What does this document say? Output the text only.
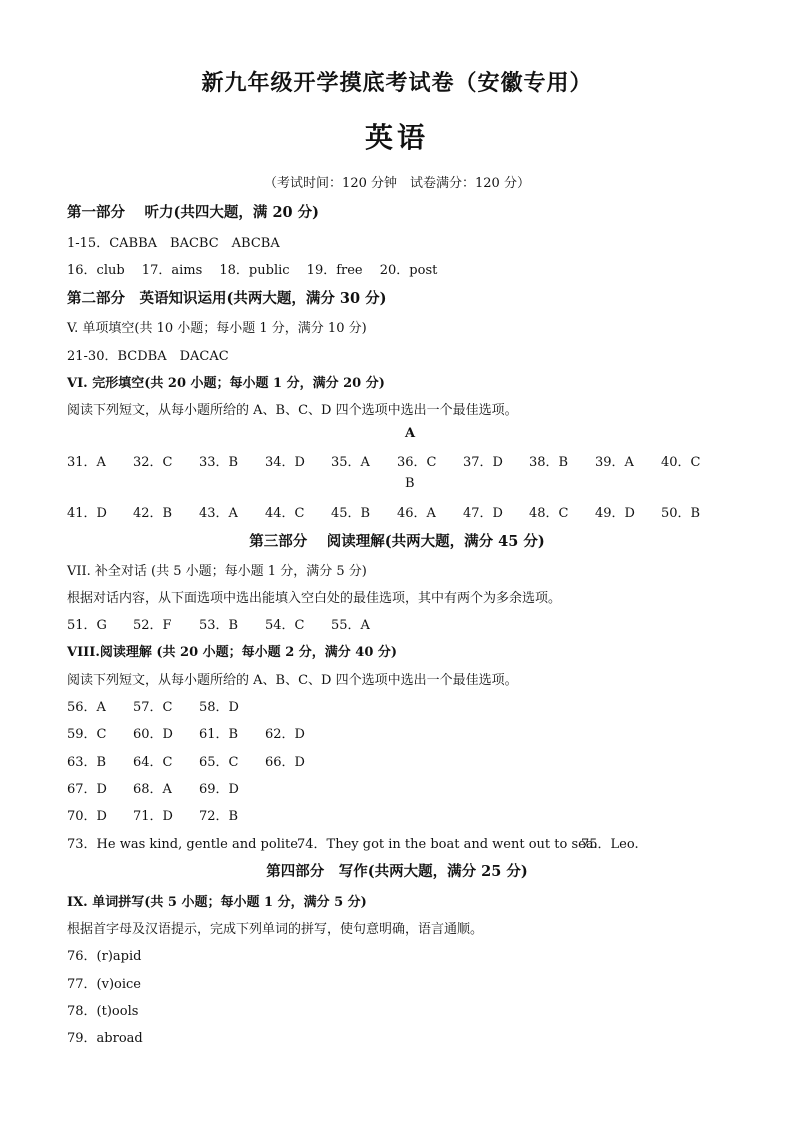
新九年级开学摸底考试卷（安徽专用）
英语
（考试时间：120 分钟　试卷满分：120 分）
第一部分　 听力(共四大题，满 20 分)
1-15．CABBA　BACBC　ABCBA
16．club　 17．aims　 18．public　 19．free　 20．post
第二部分　英语知识运用(共两大题，满分 30 分)
V. 单项填空(共 10 小题；每小题 1 分，满分 10 分)
21-30．BCDBA　DACAC
VI. 完形填空(共 20 小题；每小题 1 分，满分 20 分)
阅读下列短文，从每小题所给的 A、B、C、D 四个选项中选出一个最佳选项。
A
31．A 32．C 33．B 34．D 35．A 36．C 37．D 38．B 39．A 40．C
B
41．D 42．B 43．A 44．C 45．B 46．A 47．D 48．C 49．D 50．B
第三部分　 阅读理解(共两大题，满分 45 分)
VII. 补全对话 (共 5 小题；每小题 1 分，满分 5 分)
根据对话内容，从下面选项中选出能填入空白处的最佳选项，其中有两个为多余选项。
51．G 52．F 53．B 54．C 55．A
VIII.阅读理解 (共 20 小题；每小题 2 分，满分 40 分)
阅读下列短文，从每小题所给的 A、B、C、D 四个选项中选出一个最佳选项。
56．A 57．C 58．D
59．C 60．D 61．B 62．D
63．B 64．C 65．C 66．D
67．D 68．A 69．D
70．D 71．D 72．B
73．He was kind, gentle and polite.
74．They got in the boat and went out to sea.
75．Leo.
第四部分　写作(共两大题，满分 25 分)
IX. 单词拼写(共 5 小题；每小题 1 分，满分 5 分)
根据首字母及汉语提示，完成下列单词的拼写，使句意明确，语言通顺。
76．(r)apid
77．(v)oice
78．(t)ools
79．abroad
